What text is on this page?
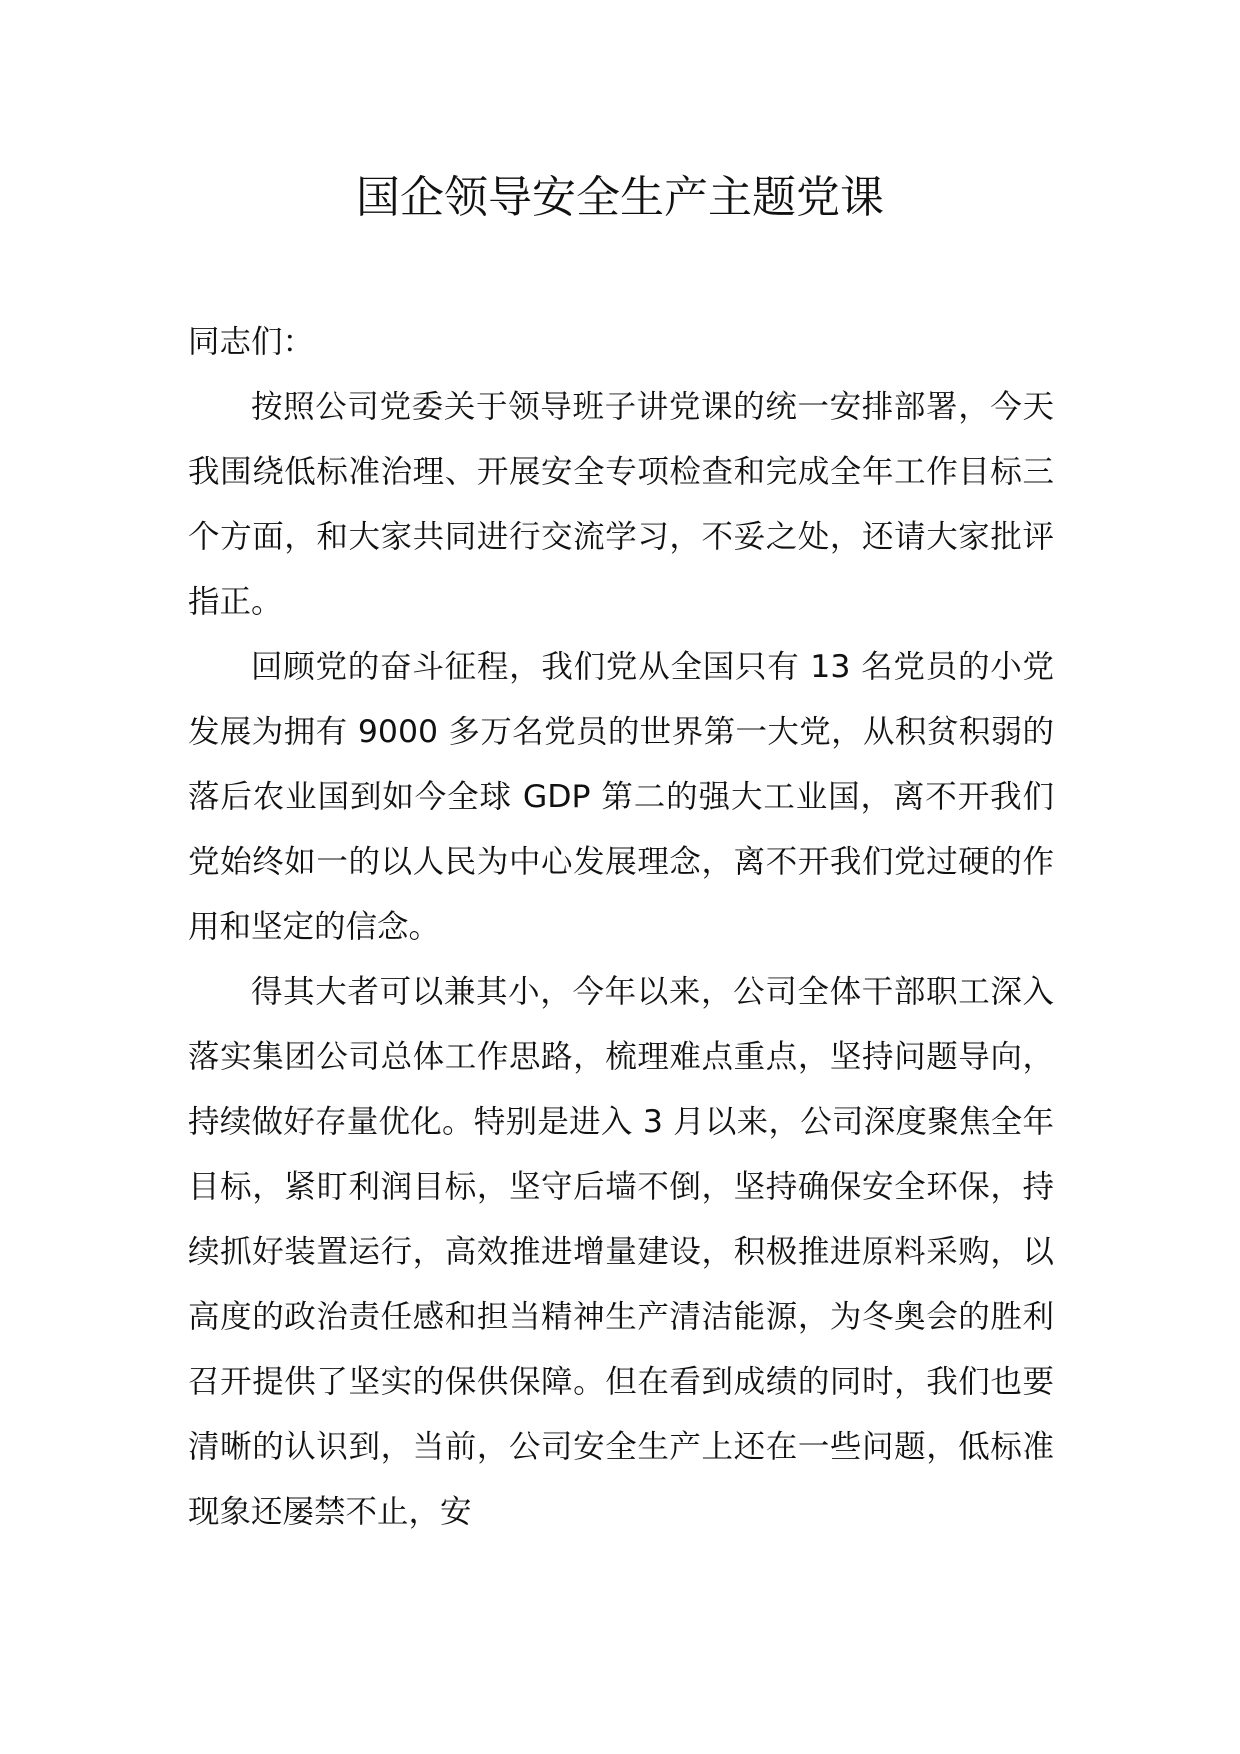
国企领导安全生产主题党课

同志们：

按照公司党委关于领导班子讲党课的统一安排部署，今天我围绕低标准治理、开展安全专项检查和完成全年工作目标三个方面，和大家共同进行交流学习，不妥之处，还请大家批评指正。

回顾党的奋斗征程，我们党从全国只有 13 名党员的小党发展为拥有 9000 多万名党员的世界第一大党，从积贫积弱的落后农业国到如今全球 GDP 第二的强大工业国，离不开我们党始终如一的以人民为中心发展理念，离不开我们党过硬的作用和坚定的信念。

得其大者可以兼其小，今年以来，公司全体干部职工深入落实集团公司总体工作思路，梳理难点重点，坚持问题导向，持续做好存量优化。特别是进入 3 月以来，公司深度聚焦全年目标，紧盯利润目标，坚守后墙不倒，坚持确保安全环保，持续抓好装置运行，高效推进增量建设，积极推进原料采购，以高度的政治责任感和担当精神生产清洁能源，为冬奥会的胜利召开提供了坚实的保供保障。但在看到成绩的同时，我们也要清晰的认识到，当前，公司安全生产上还在一些问题，低标准现象还屡禁不止，安
